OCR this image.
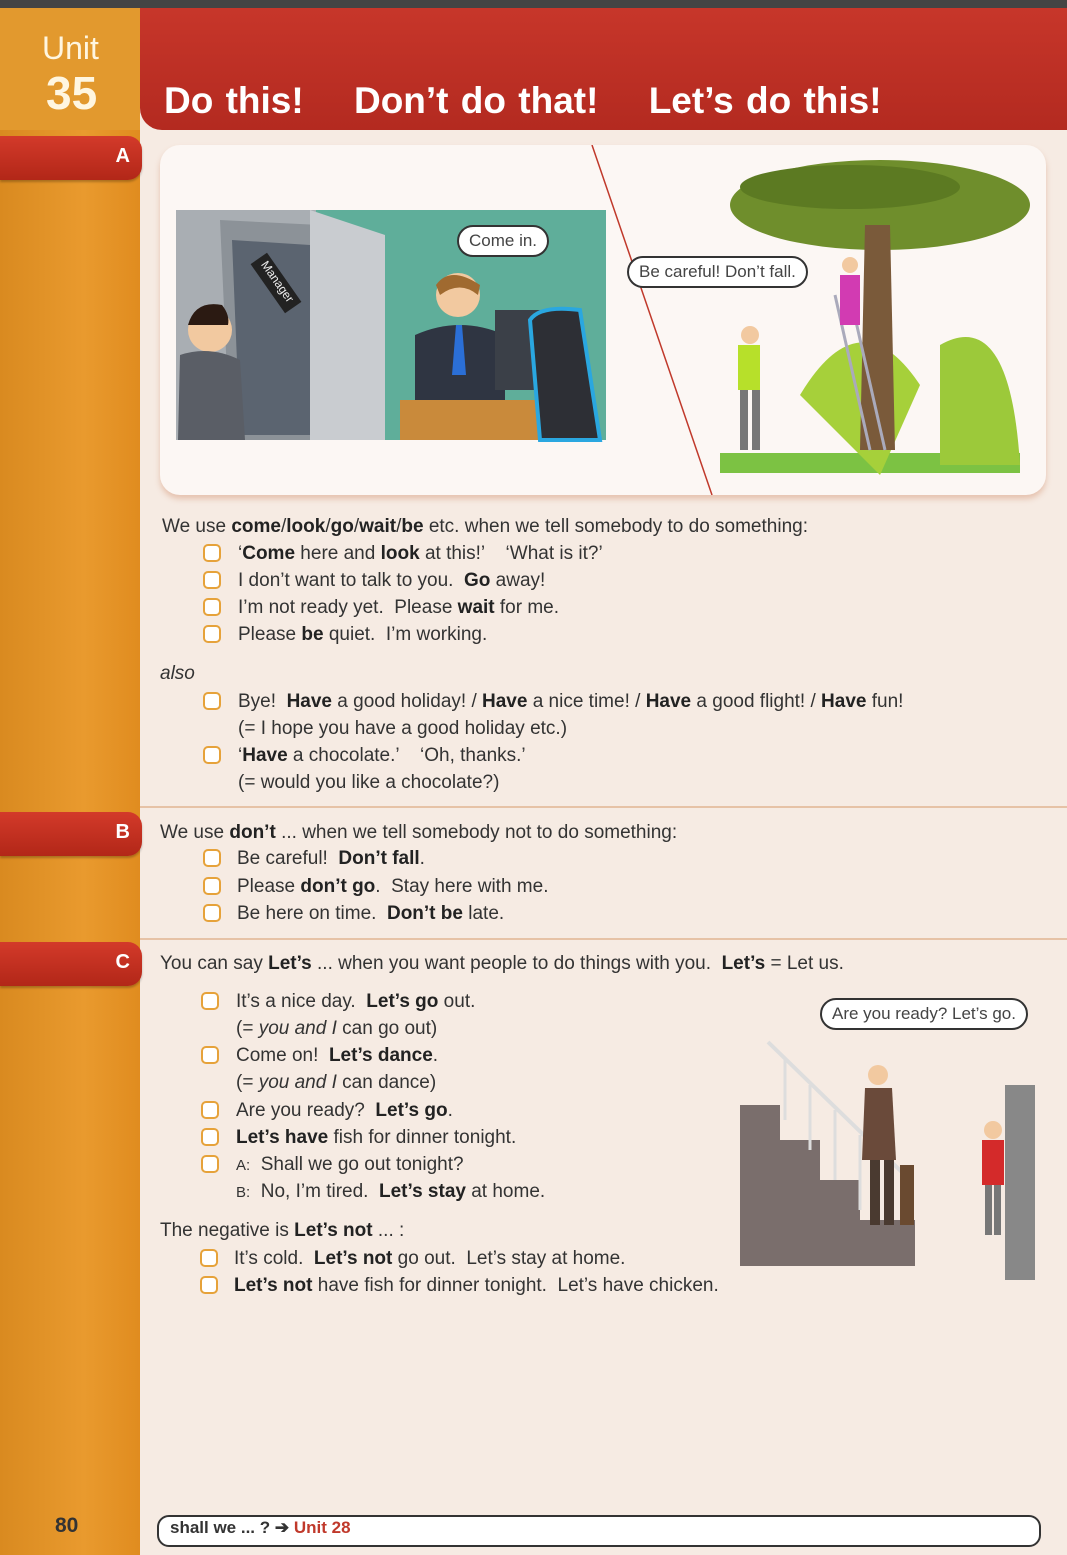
Unit
35 Do this! Don’t do that! Let’s do this!
A
B
C
Manager
Come in.
Be careful! Don’t fall.
We use come/look/go/wait/be etc. when we tell somebody to do something:
‘Come here and look at this!’    ‘What is it?’
I don’t want to talk to you.  Go away!
I’m not ready yet.  Please wait for me.
Please be quiet.  I’m working.
also
Bye!  Have a good holiday! / Have a nice time! / Have a good flight! / Have fun!
(= I hope you have a good holiday etc.)
‘Have a chocolate.’    ‘Oh, thanks.’
(= would you like a chocolate?)
We use don’t ... when we tell somebody not to do something:
Be careful!  Don’t fall.
Please don’t go.  Stay here with me.
Be here on time.  Don’t be late.
You can say Let’s ... when you want people to do things with you.  Let’s = Let us.
It’s a nice day.  Let’s go out.
(= you and I can go out)
Come on!  Let’s dance.
(= you and I can dance)
Are you ready?  Let’s go.
Let’s have fish for dinner tonight.
A:  Shall we go out tonight?
B:  No, I’m tired.  Let’s stay at home.
The negative is Let’s not ... :
It’s cold.  Let’s not go out.  Let’s stay at home.
Let’s not have fish for dinner tonight.  Let’s have chicken.
Are you ready? Let’s go.
80	shall we ... ? ➔ Unit 28
